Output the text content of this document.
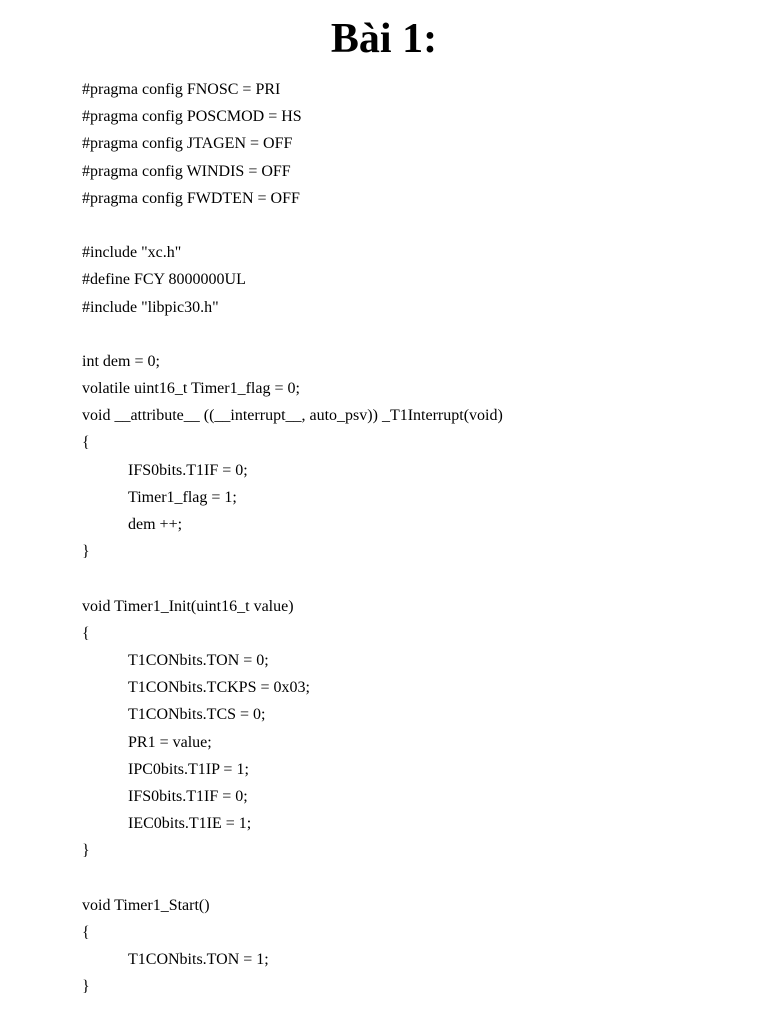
Bài 1:
#pragma config FNOSC = PRI
#pragma config POSCMOD = HS
#pragma config JTAGEN = OFF
#pragma config WINDIS = OFF
#pragma config FWDTEN = OFF
#include "xc.h"
#define FCY 8000000UL
#include "libpic30.h"
int dem = 0;
volatile uint16_t Timer1_flag = 0;
void __attribute__ ((__interrupt__, auto_psv)) _T1Interrupt(void)
{
IFS0bits.T1IF = 0;
Timer1_flag = 1;
dem ++;
}
void Timer1_Init(uint16_t value)
{
T1CONbits.TON = 0;
T1CONbits.TCKPS = 0x03;
T1CONbits.TCS = 0;
PR1 = value;
IPC0bits.T1IP = 1;
IFS0bits.T1IF = 0;
IEC0bits.T1IE = 1;
}
void Timer1_Start()
{
T1CONbits.TON = 1;
}
